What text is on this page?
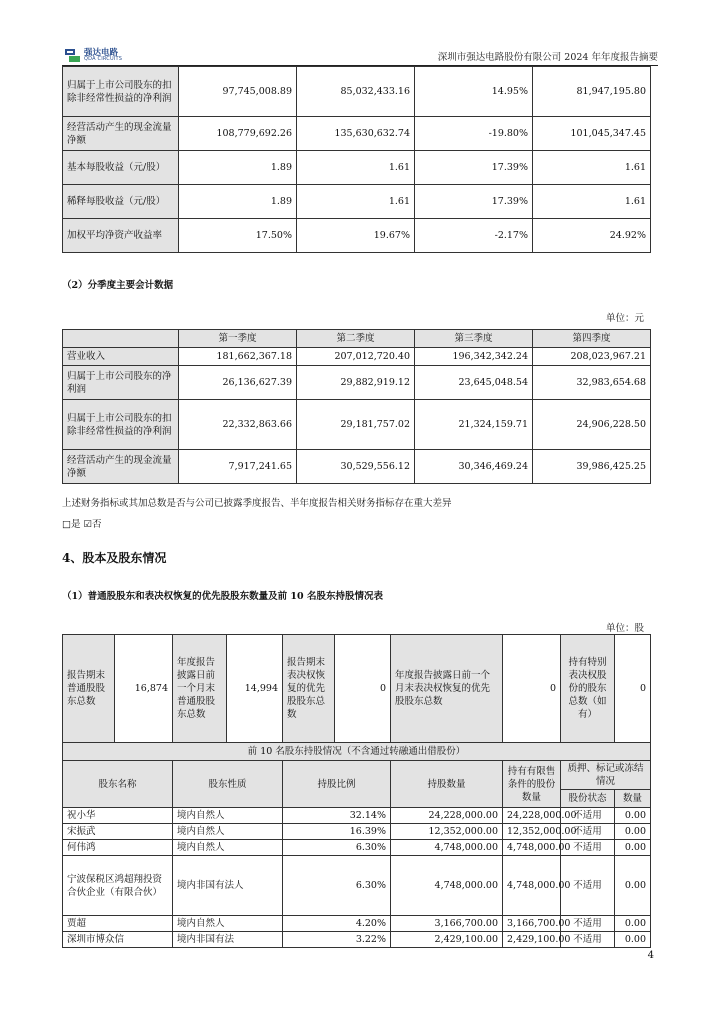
强达电路
QDA CIRCUITS	深圳市强达电路股份有限公司 2024 年年度报告摘要
归属于上市公司股东的扣除非经常性损益的净利润	97,745,008.89	85,032,433.16	14.95%	81,947,195.80
经营活动产生的现金流量净额	108,779,692.26	135,630,632.74	-19.80%	101,045,347.45
基本每股收益（元/股）	1.89	1.61	17.39%	1.61
稀释每股收益（元/股）	1.89	1.61	17.39%	1.61
加权平均净资产收益率	17.50%	19.67%	-2.17%	24.92%
（2）分季度主要会计数据
单位：元
	第一季度	第二季度	第三季度	第四季度
营业收入	181,662,367.18	207,012,720.40	196,342,342.24	208,023,967.21
归属于上市公司股东的净利润	26,136,627.39	29,882,919.12	23,645,048.54	32,983,654.68
归属于上市公司股东的扣除非经常性损益的净利润	22,332,863.66	29,181,757.02	21,324,159.71	24,906,228.50
经营活动产生的现金流量净额	7,917,241.65	30,529,556.12	30,346,469.24	39,986,425.25
上述财务指标或其加总数是否与公司已披露季度报告、半年度报告相关财务指标存在重大差异
□是 ☑否
4、股本及股东情况
（1）普通股股东和表决权恢复的优先股股东数量及前 10 名股东持股情况表
单位：股
报告期末普通股股东总数	16,874	年度报告披露日前一个月末普通股股东总数	14,994	报告期末表决权恢复的优先股股东总数	0	年度报告披露日前一个月末表决权恢复的优先股股东总数	0	持有特别表决权股份的股东总数（如有）	0
前 10 名股东持股情况（不含通过转融通出借股份）									
股东名称		股东性质		持股比例		持股数量	持有有限售条件的股份数量	质押、标记或冻结情况	
								股份状态	数量
祝小华		境内自然人		32.14%		24,228,000.00	24,228,000.00	不适用	0.00
宋振武		境内自然人		16.39%		12,352,000.00	12,352,000.00	不适用	0.00
何伟鸿		境内自然人		6.30%		4,748,000.00	4,748,000.00	不适用	0.00
宁波保税区鸿超翔投资合伙企业（有限合伙）		境内非国有法人		6.30%		4,748,000.00	4,748,000.00	不适用	0.00
贾超		境内自然人		4.20%		3,166,700.00	3,166,700.00	不适用	0.00
深圳市博众信		境内非国有法		3.22%		2,429,100.00	2,429,100.00	不适用	0.00
4
